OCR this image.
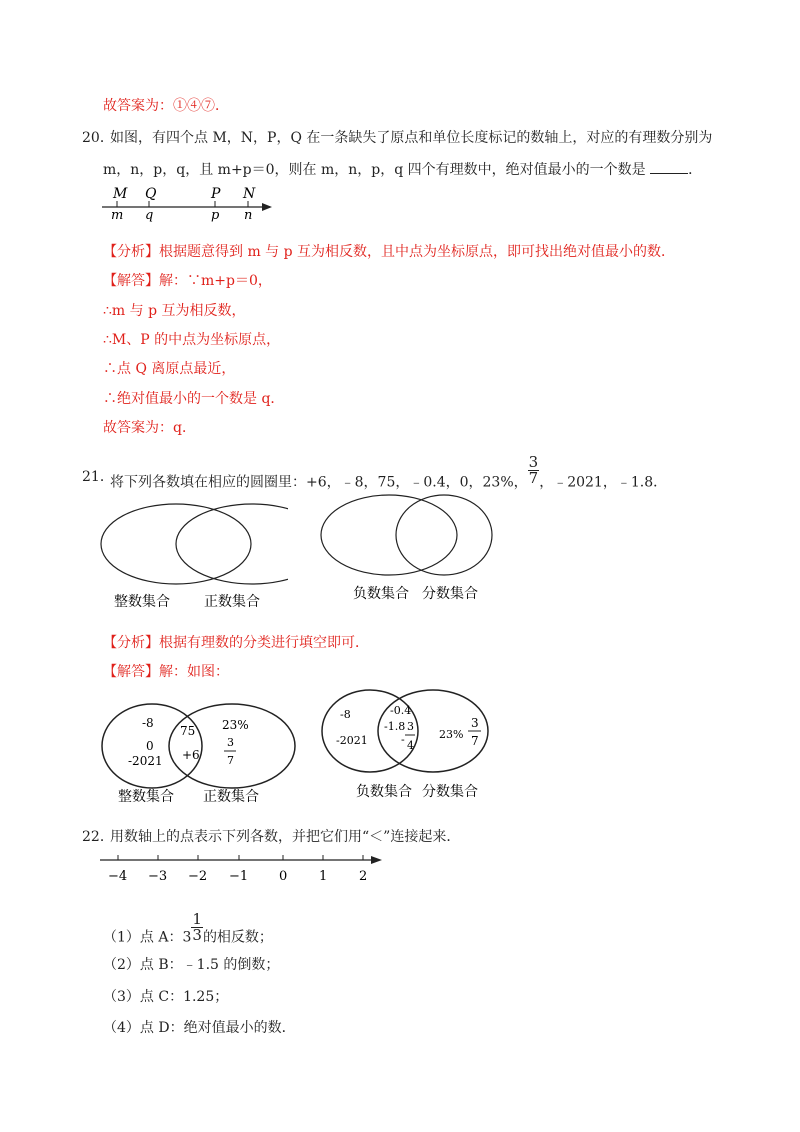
故答案为：①④⑦．
20．
如图，有四个点 M，N，P，Q 在一条缺失了原点和单位长度标记的数轴上，对应的有理数分别为
m，n，p，q，且 m+p＝0，则在 m，n，p，q 四个有理数中，绝对值最小的一个数是	．
M Q	P N
m q	p n
【分析】根据题意得到 m 与 p 互为相反数，且中点为坐标原点，即可找出绝对值最小的数．
【解答】解：∵m+p＝0，
∴m 与 p 互为相反数，
∴M、P 的中点为坐标原点，
∴点 Q 离原点最近，
∴绝对值最小的一个数是 q．
故答案为：q．
21．
将下列各数填在相应的圆圈里：+6，﹣8，75，﹣0.4，0，23%， $\frac{3}{7}$ ，﹣2021，﹣1.8．
整数集合 正数集合	负数集合 分数集合
【分析】根据有理数的分类进行填空即可．
【解答】解：如图：
-8
0
-2021
75
+6
23%
3
7
整数集合 正数集合
-8
-2021
-0.4
-1.8 3
- 4
23%
3
7
负数集合 分数集合
22．
用数轴上的点表示下列各数，并把它们用“＜”连接起来．
−4 −3 −2 −1 0 1 2
（1）点 A：$3 \frac{1}{3}$ 的相反数；
（2）点 B：﹣1.5 的倒数；
（3）点 C：1.25；
（4）点 D：绝对值最小的数．
